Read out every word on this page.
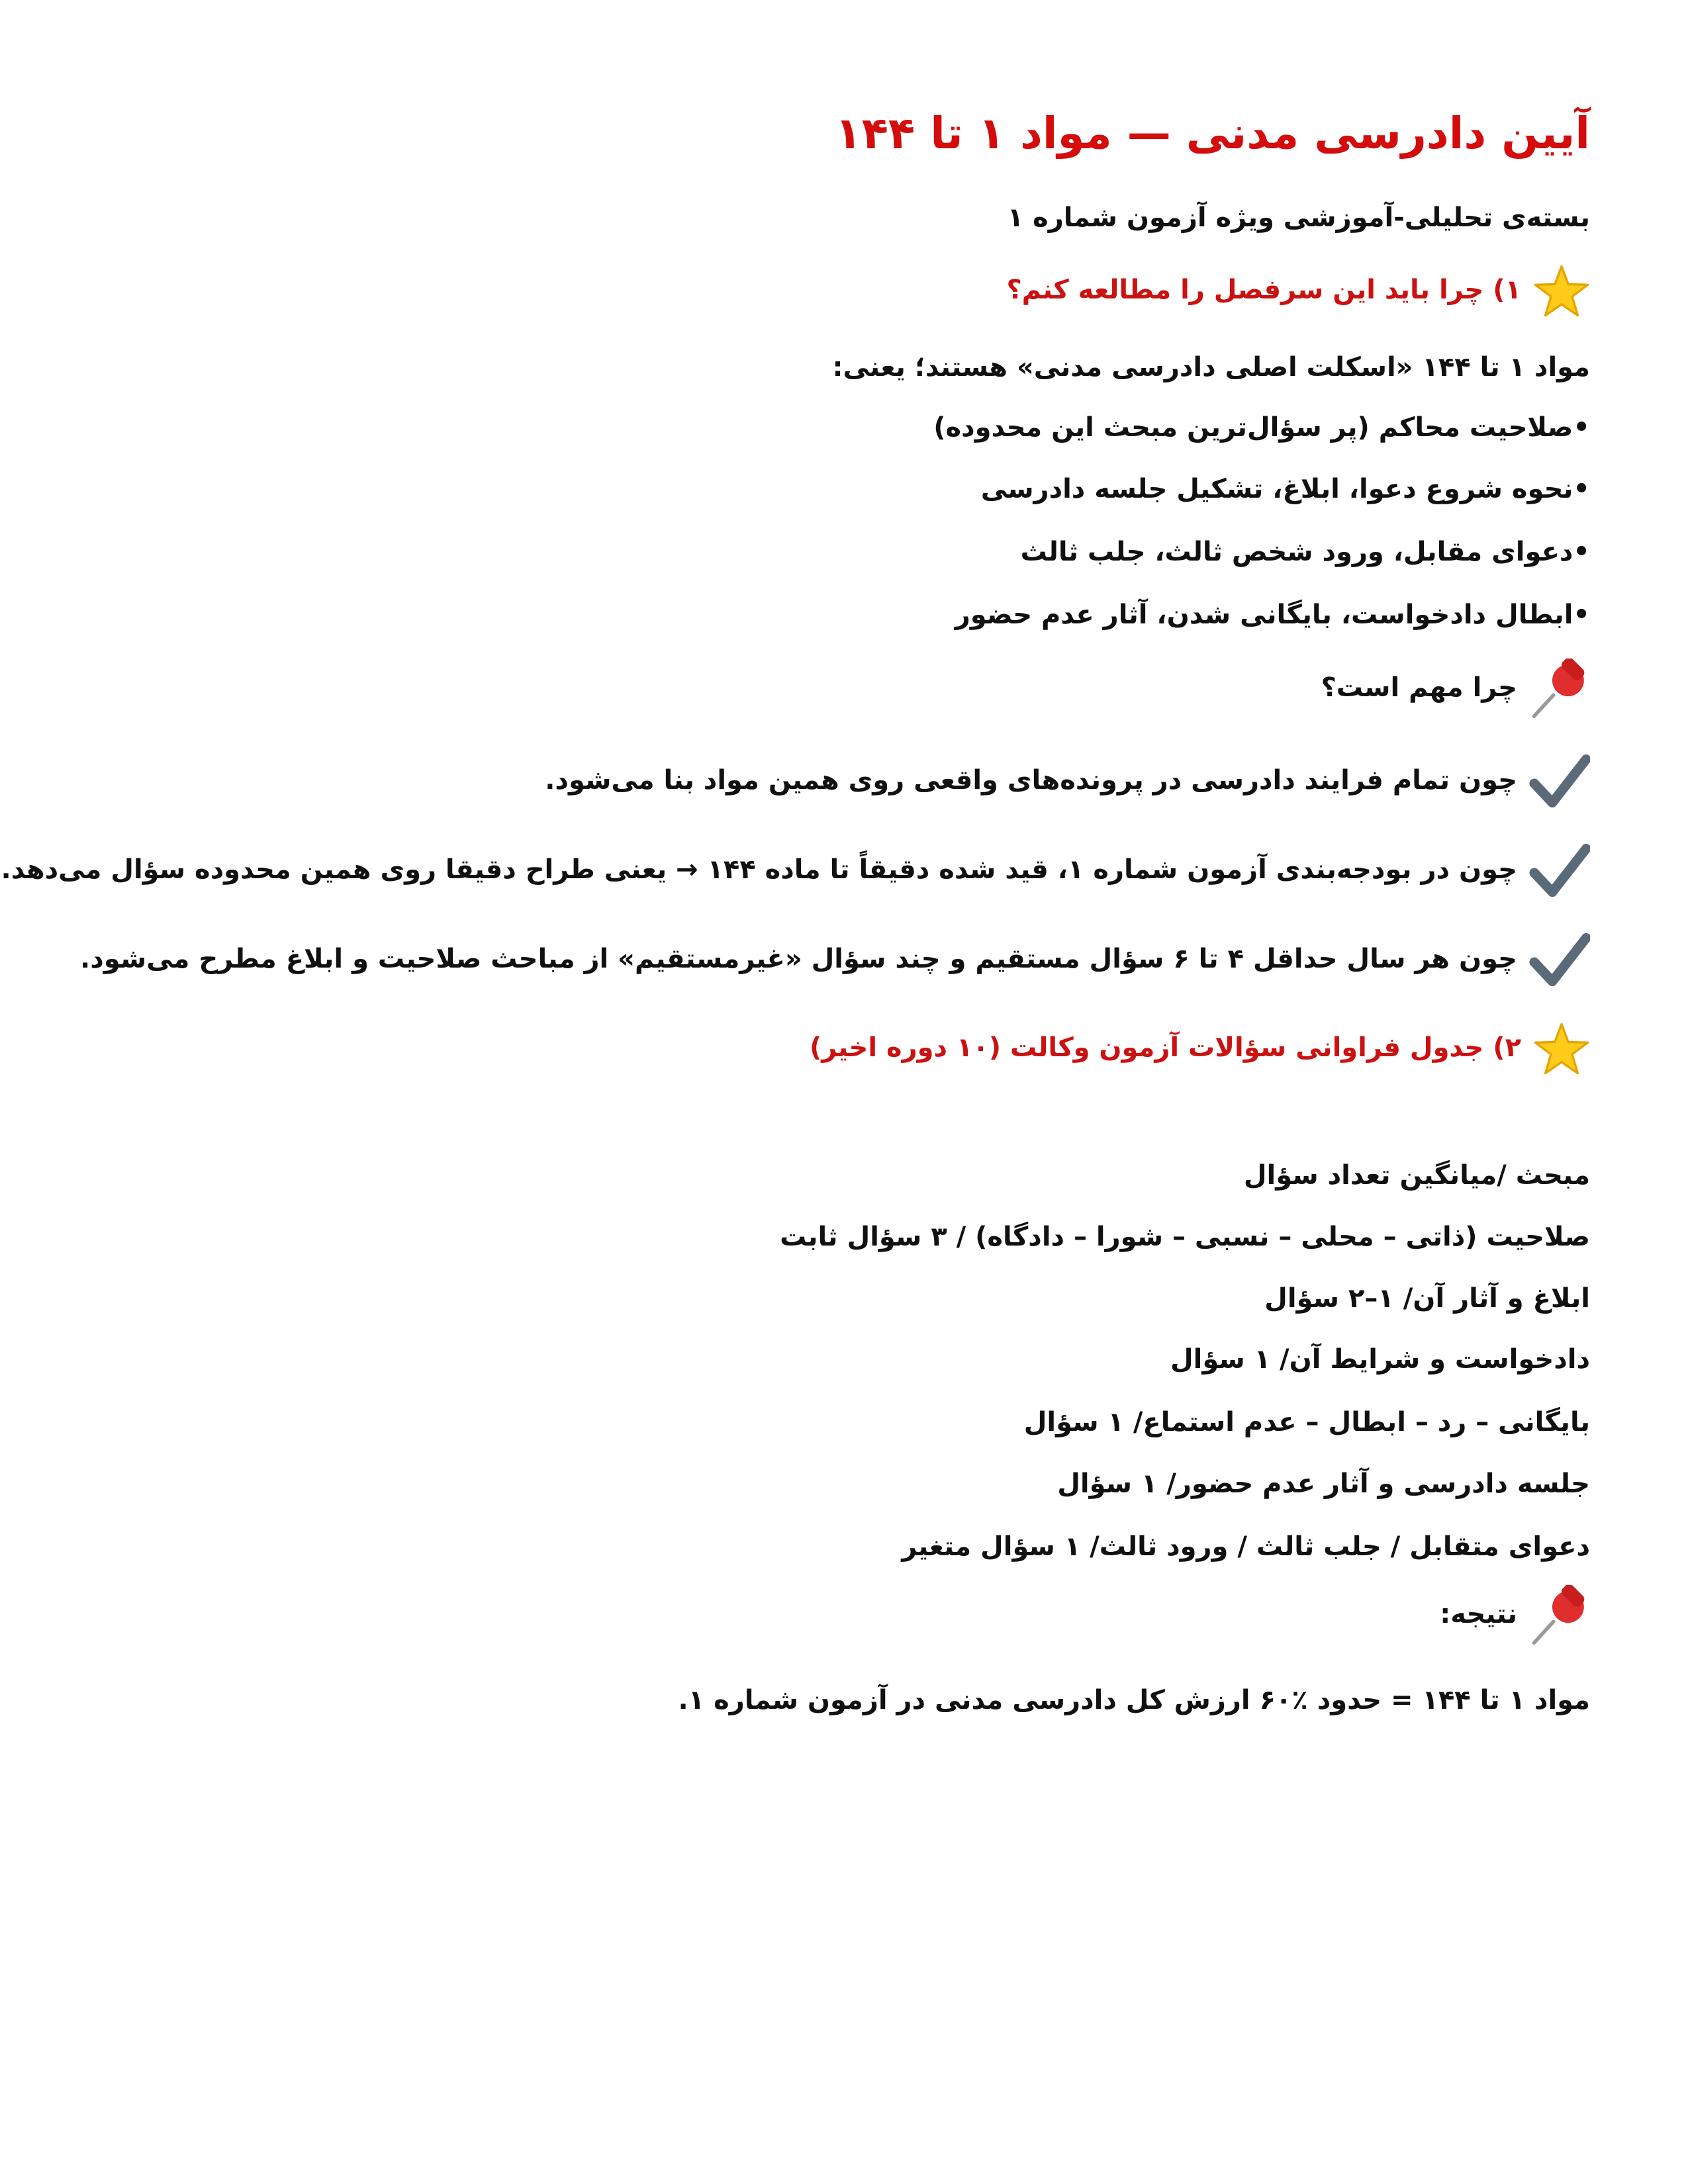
آیین دادرسی مدنی — مواد ۱ تا ۱۴۴
بسته‌ی تحلیلی-آموزشی ویژه آزمون شماره ۱
۱) چرا باید این سرفصل را مطالعه کنم؟
مواد ۱ تا ۱۴۴ «اسکلت اصلی دادرسی مدنی» هستند؛ یعنی:
•صلاحیت محاکم (پر سؤال‌ترین مبحث این محدوده)
•نحوه شروع دعوا، ابلاغ، تشکیل جلسه دادرسی
•دعوای مقابل، ورود شخص ثالث، جلب ثالث
•ابطال دادخواست، بایگانی شدن، آثار عدم حضور
چرا مهم است؟
چون تمام فرایند دادرسی در پرونده‌های واقعی روی همین مواد بنا می‌شود.
چون در بودجه‌بندی آزمون شماره ۱، قید شده دقیقاً تا ماده ۱۴۴ → یعنی طراح دقیقا روی همین محدوده سؤال می‌دهد.
چون هر سال حداقل ۴ تا ۶ سؤال مستقیم و چند سؤال «غیرمستقیم» از مباحث صلاحیت و ابلاغ مطرح می‌شود.
۲) جدول فراوانی سؤالات آزمون وکالت (۱۰ دوره اخیر)
مبحث /میانگین تعداد سؤال
صلاحیت (ذاتی – محلی – نسبی – شورا – دادگاه) / ۳ سؤال ثابت
ابلاغ و آثار آن/ ۱–۲ سؤال
دادخواست و شرایط آن/ ۱ سؤال
بایگانی – رد – ابطال – عدم استماع/ ۱ سؤال
جلسه دادرسی و آثار عدم حضور/ ۱ سؤال
دعوای متقابل / جلب ثالث / ورود ثالث/ ۱ سؤال متغیر
نتیجه:
مواد ۱ تا ۱۴۴ = حدود ٪۶۰ ارزش کل دادرسی مدنی در آزمون شماره ۱.
